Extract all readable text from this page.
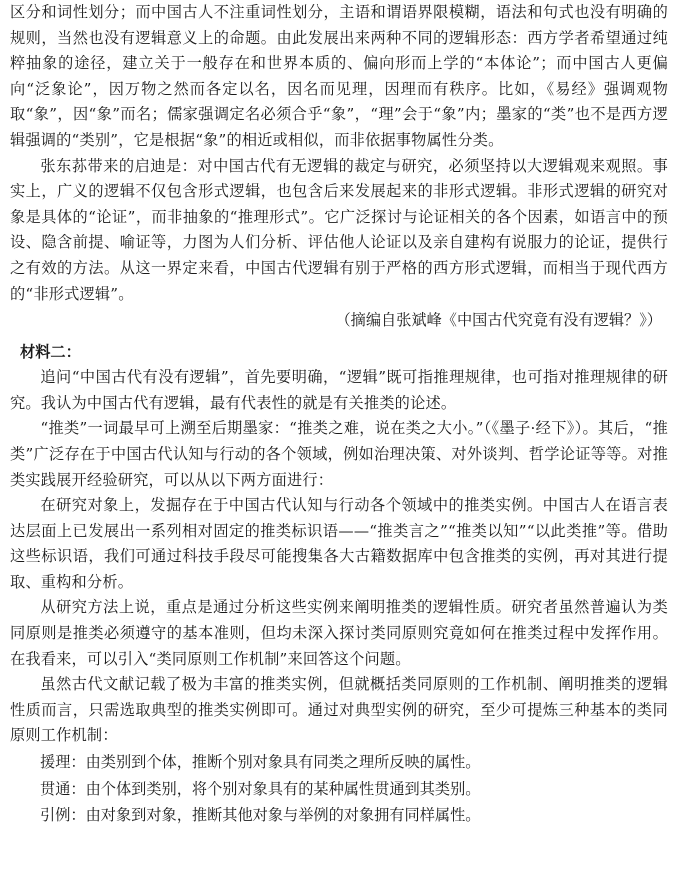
区分和词性划分；而中国古人不注重词性划分，主语和谓语界限模糊，语法和句式也没有明确的规则，当然也没有逻辑意义上的命题。由此发展出来两种不同的逻辑形态：西方学者希望通过纯粹抽象的途径，建立关于一般存在和世界本质的、偏向形而上学的“本体论”；而中国古人更偏向“泛象论”，因万物之然而各定以名，因名而见理，因理而有秩序。比如，《易经》强调观物取“象”，因“象”而名；儒家强调定名必须合乎“象”，“理”会于“象”内；墨家的“类”也不是西方逻辑强调的“类别”，它是根据“象”的相近或相似，而非依据事物属性分类。

张东荪带来的启迪是：对中国古代有无逻辑的裁定与研究，必须坚持以大逻辑观来观照。事实上，广义的逻辑不仅包含形式逻辑，也包含后来发展起来的非形式逻辑。非形式逻辑的研究对象是具体的“论证”，而非抽象的“推理形式”。它广泛探讨与论证相关的各个因素，如语言中的预设、隐含前提、喻证等，力图为人们分析、评估他人论证以及亲自建构有说服力的论证，提供行之有效的方法。从这一界定来看，中国古代逻辑有别于严格的西方形式逻辑，而相当于现代西方的“非形式逻辑”。

（摘编自张斌峰《中国古代究竟有没有逻辑？》）

材料二：

追问“中国古代有没有逻辑”，首先要明确，“逻辑”既可指推理规律，也可指对推理规律的研究。我认为中国古代有逻辑，最有代表性的就是有关推类的论述。

“推类”一词最早可上溯至后期墨家：“推类之难，说在类之大小。”（《墨子·经下》）。其后，“推类”广泛存在于中国古代认知与行动的各个领域，例如治理决策、对外谈判、哲学论证等等。对推类实践展开经验研究，可以从以下两方面进行：

在研究对象上，发掘存在于中国古代认知与行动各个领域中的推类实例。中国古人在语言表达层面上已发展出一系列相对固定的推类标识语——“推类言之”“推类以知”“以此类推”等。借助这些标识语，我们可通过科技手段尽可能搜集各大古籍数据库中包含推类的实例，再对其进行提取、重构和分析。

从研究方法上说，重点是通过分析这些实例来阐明推类的逻辑性质。研究者虽然普遍认为类同原则是推类必须遵守的基本准则，但均未深入探讨类同原则究竟如何在推类过程中发挥作用。在我看来，可以引入“类同原则工作机制”来回答这个问题。

虽然古代文献记载了极为丰富的推类实例，但就概括类同原则的工作机制、阐明推类的逻辑性质而言，只需选取典型的推类实例即可。通过对典型实例的研究，至少可提炼三种基本的类同原则工作机制：

援理：由类别到个体，推断个别对象具有同类之理所反映的属性。

贯通：由个体到类别，将个别对象具有的某种属性贯通到其类别。

引例：由对象到对象，推断其他对象与举例的对象拥有同样属性。
